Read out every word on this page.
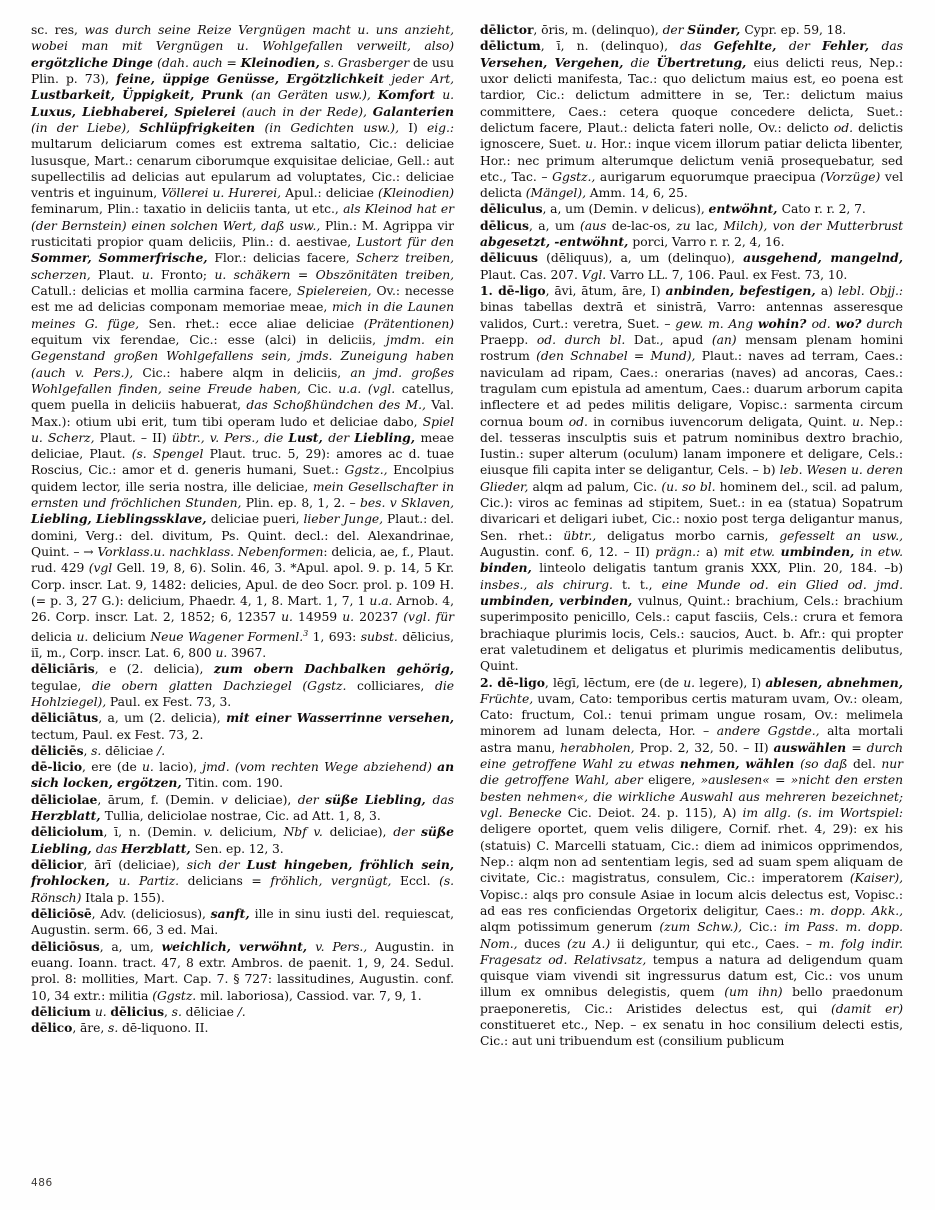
sc. res, was durch seine Reize Vergnügen macht u. uns anzieht, wobei man mit Vergnügen u. Wohlgefallen verweilt, also) ergötzliche Dinge (dah. auch = Kleinodien, s. Grasberger de usu Plin. p. 73), feine, üppige Genüsse, Ergötzlichkeit jeder Art, Lustbarkeit, Üppigkeit, Prunk (an Geräten usw.), Komfort u. Luxus, Liebhaberei, Spielerei (auch in der Rede), Galanterien (in der Liebe), Schlüpfrigkeiten (in Gedichten usw.), I) eig.: multarum deliciarum comes est extrema saltatio, Cic.: deliciae lususque, Mart.: cenarum ciborumque exquisitae deliciae, Gell.: aut supellectilis ad delicias aut epularum ad voluptates, Cic.: deliciae ventris et inguinum, Völlerei u. Hurerei, Apul.: deliciae (Kleinodien) feminarum, Plin.: taxatio in deliciis tanta, ut etc., als Kleinod hat er (der Bernstein) einen solchen Wert, daß usw., Plin.: M. Agrippa vir rusticitati propior quam deliciis, Plin.: d. aestivae, Lustort für den Sommer, Sommerfrische, Flor.: delicias facere, Scherz treiben, scherzen, Plaut. u. Fronto; u. schäkern = Obszönitäten treiben, Catull.: delicias et mollia carmina facere, Spielereien, Ov.: necesse est me ad delicias componam memoriae meae, mich in die Launen meines G. füge, Sen. rhet.: ecce aliae deliciae (Prätentionen) equitum vix ferendae, Cic.: esse (alci) in deliciis, jmdm. ein Gegenstand großen Wohlgefallens sein, jmds. Zuneigung haben (auch v. Pers.), Cic.: habere alqm in deliciis, an jmd. großes Wohlgefallen finden, seine Freude haben, Cic. u.a. (vgl. catellus, quem puella in deliciis habuerat, das Schoßhündchen des M., Val. Max.): otium ubi erit, tum tibi operam ludo et deliciae dabo, Spiel u. Scherz, Plaut. – II) übtr., v. Pers., die Lust, der Liebling, meae deliciae, Plaut. (s. Spengel Plaut. truc. 5, 29): amores ac d. tuae Roscius, Cic.: amor et d. generis humani, Suet.: Ggstz., Encolpius quidem lector, ille seria nostra, ille deliciae, mein Gesellschafter in ernsten und fröchlichen Stunden, Plin. ep. 8, 1, 2. – bes. v Sklaven, Liebling, Lieblingssklave, deliciae pueri, lieber Junge, Plaut.: del. domini, Verg.: del. divitum, Ps. Quint. decl.: del. Alexandrinae, Quint. – → Vorklass.u. nachklass. Nebenformen: delicia, ae, f., Plaut. rud. 429 (vgl Gell. 19, 8, 6). Solin. 46, 3. *Apul. apol. 9. p. 14, 5 Kr. Corp. inscr. Lat. 9, 1482: delicies, Apul. de deo Socr. prol. p. 109 H. (= p. 3, 27 G.): delicium, Phaedr. 4, 1, 8. Mart. 1, 7, 1 u.a. Arnob. 4, 26. Corp. inscr. Lat. 2, 1852; 6, 12357 u. 14959 u. 20237 (vgl. für delicia u. delicium Neue Wagener Formenl.$^3$ 1, 693: subst. dēlicius, iī, m., Corp. inscr. Lat. 6, 800 u. 3967.

dēliciāris, e (2. delicia), zum obern Dachbalken gehörig, tegulae, die obern glatten Dachziegel (Ggstz. colliciares, die Hohlziegel), Paul. ex Fest. 73, 3.

dēliciātus, a, um (2. delicia), mit einer Wasserrinne versehen, tectum, Paul. ex Fest. 73, 2.

dēliciēs, s. dēliciae /.

dē-licio, ere (de u. lacio), jmd. (vom rechten Wege abziehend) an sich locken, ergötzen, Titin. com. 190.

dēliciolae, ārum, f. (Demin. v deliciae), der süße Liebling, das Herzblatt, Tullia, deliciolae nostrae, Cic. ad Att. 1, 8, 3.

dēliciolum, ī, n. (Demin. v. delicium, Nbf v. deliciae), der süße Liebling, das Herzblatt, Sen. ep. 12, 3.

dēlicior, ārī (deliciae), sich der Lust hingeben, fröhlich sein, frohlocken, u. Partiz. delicians = fröhlich, vergnügt, Eccl. (s. Rönsch) Itala p. 155).

dēliciōsē, Adv. (deliciosus), sanft, ille in sinu iusti del. requiescat, Augustin. serm. 66, 3 ed. Mai.

dēliciōsus, a, um, weichlich, verwöhnt, v. Pers., Augustin. in euang. Ioann. tract. 47, 8 extr. Ambros. de paenit. 1, 9, 24. Sedul. prol. 8: mollities, Mart. Cap. 7. § 727: lassitudines, Augustin. conf. 10, 34 extr.: militia (Ggstz. mil. laboriosa), Cassiod. var. 7, 9, 1.

dēlicium u. dēlicius, s. dēliciae /.

dēlico, āre, s. dē-liquono. II.

dēlictor, ōris, m. (delinquo), der Sünder, Cypr. ep. 59, 18.

dēlictum, ī, n. (delinquo), das Gefehlte, der Fehler, das Versehen, Vergehen, die Übertretung, eius delicti reus, Nep.: uxor delicti manifesta, Tac.: quo delictum maius est, eo poena est tardior, Cic.: delictum admittere in se, Ter.: delictum maius committere, Caes.: cetera quoque concedere delicta, Suet.: delictum facere, Plaut.: delicta fateri nolle, Ov.: delicto od. delictis ignoscere, Suet. u. Hor.: inque vicem illorum patiar delicta libenter, Hor.: nec primum alterumque delictum veniā prosequebatur, sed etc., Tac. – Ggstz., aurigarum equorumque praecipua (Vorzüge) vel delicta (Mängel), Amm. 14, 6, 25.

dēliculus, a, um (Demin. v delicus), entwöhnt, Cato r. r. 2, 7.

dēlicus, a, um (aus de-lac-os, zu lac, Milch), von der Mutterbrust abgesetzt, -entwöhnt, porci, Varro r. r. 2, 4, 16.

dēlicuus (dēliquus), a, um (delinquo), ausgehend, mangelnd, Plaut. Cas. 207. Vgl. Varro LL. 7, 106. Paul. ex Fest. 73, 10.

1. dē-ligo, āvi, ātum, āre, I) anbinden, befestigen, a) lebl. Objj.: binas tabellas dextrā et sinistrā, Varro: antennas asseresque validos, Curt.: veretra, Suet. – gew. m. Ang wohin? od. wo? durch Praepp. od. durch bl. Dat., apud (an) mensam plenam homini rostrum (den Schnabel = Mund), Plaut.: naves ad terram, Caes.: naviculam ad ripam, Caes.: onerarias (naves) ad ancoras, Caes.: tragulam cum epistula ad amentum, Caes.: duarum arborum capita inflectere et ad pedes militis deligare, Vopisc.: sarmenta circum cornua boum od. in cornibus iuvencorum deligata, Quint. u. Nep.: del. tesseras insculptis suis et patrum nominibus dextro brachio, Iustin.: super alterum (oculum) lanam imponere et deligare, Cels.: eiusque fili capita inter se deligantur, Cels. – b) leb. Wesen u. deren Glieder, alqm ad palum, Cic. (u. so bl. hominem del., scil. ad palum, Cic.): viros ac feminas ad stipitem, Suet.: in ea (statua) Sopatrum divaricari et deligari iubet, Cic.: noxio post terga deligantur manus, Sen. rhet.: übtr., deligatus morbo carnis, gefesselt an usw., Augustin. conf. 6, 12. – II) prägn.: a) mit etw. umbinden, in etw. binden, linteolo deligatis tantum granis XXX, Plin. 20, 184. –b) insbes., als chirurg. t. t., eine Munde od. ein Glied od. jmd. umbinden, verbinden, vulnus, Quint.: brachium, Cels.: brachium superimposito penicillo, Cels.: caput fasciis, Cels.: crura et femora brachiaque plurimis locis, Cels.: saucios, Auct. b. Afr.: qui propter erat valetudinem et deligatus et plurimis medicamentis delibutus, Quint.

2. dē-ligo, lēgī, lēctum, ere (de u. legere), I) ablesen, abnehmen, Früchte, uvam, Cato: temporibus certis maturam uvam, Ov.: oleam, Cato: fructum, Col.: tenui primam ungue rosam, Ov.: melimela minorem ad lunam delecta, Hor. – andere Ggstde., alta mortali astra manu, herabholen, Prop. 2, 32, 50. – II) auswählen = durch eine getroffene Wahl zu etwas nehmen, wählen (so daß del. nur die getroffene Wahl, aber eligere, »auslesen« = »nicht den ersten besten nehmen«, die wirkliche Auswahl aus mehreren bezeichnet; vgl. Benecke Cic. Deiot. 24. p. 115), A) im allg. (s. im Wortspiel: deligere oportet, quem velis diligere, Cornif. rhet. 4, 29): ex his (statuis) C. Marcelli statuam, Cic.: diem ad inimicos opprimendos, Nep.: alqm non ad sententiam legis, sed ad suam spem aliquam de civitate, Cic.: magistratus, consulem, Cic.: imperatorem (Kaiser), Vopisc.: alqs pro consule Asiae in locum alcis delectus est, Vopisc.: ad eas res conficiendas Orgetorix deligitur, Caes.: m. dopp. Akk., alqm potissimum generum (zum Schw.), Cic.: im Pass. m. dopp. Nom., duces (zu A.) ii deliguntur, qui etc., Caes. – m. folg indir. Fragesatz od. Relativsatz, tempus a natura ad deligendum quam quisque viam vivendi sit ingressurus datum est, Cic.: vos unum illum ex omnibus delegistis, quem (um ihn) bello praedonum praeponeretis, Cic.: Aristides delectus est, qui (damit er) constitueret etc., Nep. – ex senatu in hoc consilium delecti estis, Cic.: aut uni tribuendum est (consilium publicum

486
